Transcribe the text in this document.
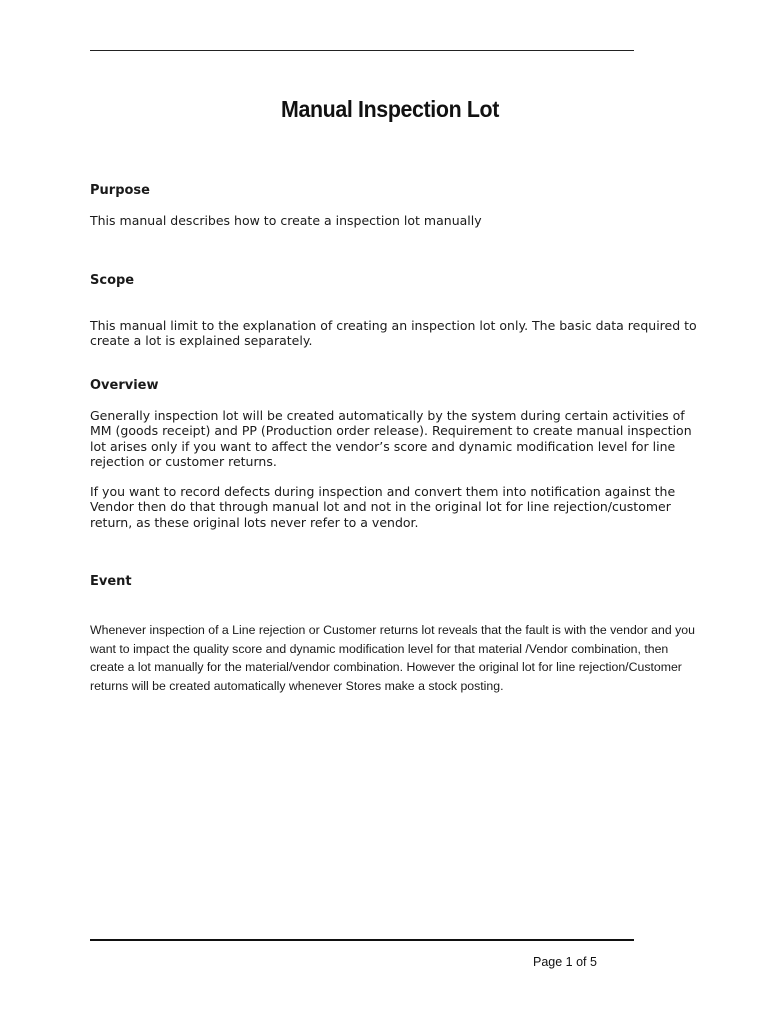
Manual Inspection Lot
Purpose
This manual describes how to create a inspection lot manually
Scope
This manual limit to the explanation of creating an inspection lot only. The basic data required to create a lot is explained separately.
Overview
Generally inspection lot will be created automatically by the system during certain activities of MM (goods receipt) and PP (Production order release). Requirement to create manual inspection lot arises only if you want to affect the vendor’s score and dynamic modification level for line rejection or customer returns.
If you want to record defects during inspection and convert them into notification against the Vendor then do that through manual lot and not in the original lot for line rejection/customer return, as these original lots never refer to a vendor.
Event
Whenever inspection of a Line rejection or Customer returns lot reveals that the fault is with the vendor and you want to impact the quality score and dynamic modification level for that material /Vendor combination, then create a lot manually for the material/vendor combination. However the original lot for line rejection/Customer returns will be created automatically whenever Stores make a stock posting.
Page 1 of 5
